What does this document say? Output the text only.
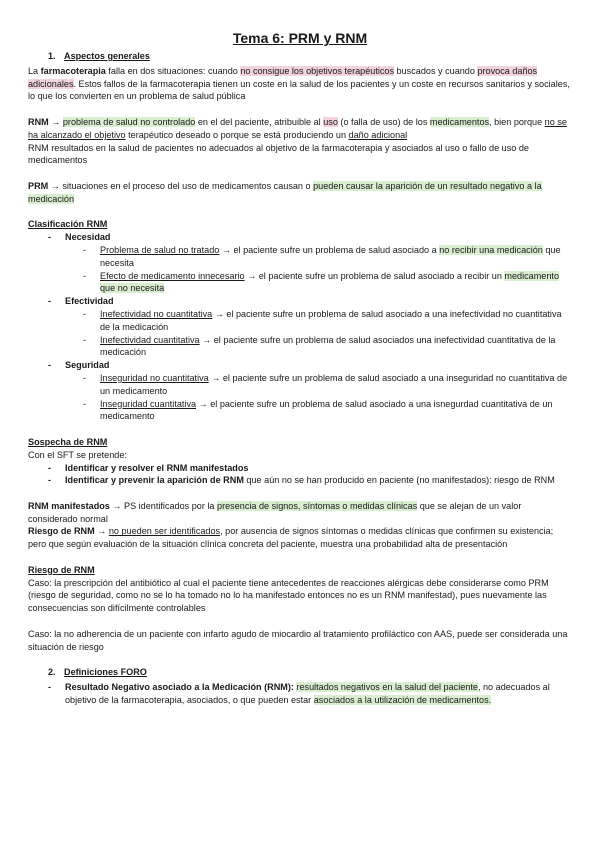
Tema 6: PRM y RNM
1. Aspectos generales

La farmacoterapia falla en dos situaciones: cuando no consigue los objetivos terapéuticos buscados y cuando provoca daños adicionales. Estos fallos de la farmacoterapia tienen un coste en la salud de los pacientes y un coste en recursos sanitarios y sociales, lo que los convierten en un problema de salud pública

RNM → problema de salud no controlado en el del paciente, atribuible al uso (o falla de uso) de los medicamentos, bien porque no se ha alcanzado el objetivo terapéutico deseado o porque se está produciendo un daño adicional

RNM resultados en la salud de pacientes no adecuados al objetivo de la farmacoterapia y asociados al uso o fallo de uso de medicamentos

PRM → situaciones en el proceso del uso de medicamentos causan o pueden causar la aparición de un resultado negativo a la medicación

Clasificación RNM

- Necesidad
- Problema de salud no tratado → el paciente sufre un problema de salud asociado a no recibir una medicación que necesita
- Efecto de medicamento innecesario → el paciente sufre un problema de salud asociado a recibir un medicamento que no necesita
- Efectividad
- Inefectividad no cuantitativa → el paciente sufre un problema de salud asociado a una inefectividad no cuantitativa de la medicación
- Inefectividad cuantitativa → el paciente sufre un problema de salud asociados una inefectividad cuantitativa de la medicación
- Seguridad
- Inseguridad no cuantitativa → el paciente sufre un problema de salud asociado a una inseguridad no cuantitativa de un medicamento
- Inseguridad cuantitativa → el paciente sufre un problema de salud asociado a una isnegurdad cuantitativa de un medicamento

Sospecha de RNM

Con el SFT se pretende:

- Identificar y resolver el RNM manifestados
- Identificar y prevenir la aparición de RNM que aún no se han producido en paciente (no manifestados): riesgo de RNM

RNM manifestados → PS identificados por la presencia de signos, síntomas o medidas clínicas que se alejan de un valor considerado normal

Riesgo de RNM → no pueden ser identificados, por ausencia de signos síntomas o medidas clínicas que confirmen su existencia; pero que según evaluación de la situación clínica concreta del paciente, muestra una probabilidad alta de presentación

Riesgo de RNM

Caso: la prescripción del antibiótico al cual el paciente tiene antecedentes de reacciones alérgicas debe considerarse como PRM (riesgo de seguridad, como no se lo ha tomado no lo ha manifestado entonces no es un RNM manifestad), pues nuevamente las consecuencias son difícilmente controlables

Caso: la no adherencia de un paciente con infarto agudo de miocardio al tratamiento profiláctico con AAS, puede ser considerada una situación de riesgo

2. Definiciones FORO
- Resultado Negativo asociado a la Medicación (RNM): resultados negativos en la salud del paciente, no adecuados al objetivo de la farmacoterapia, asociados, o que pueden estar asociados a la utilización de medicamentos.
